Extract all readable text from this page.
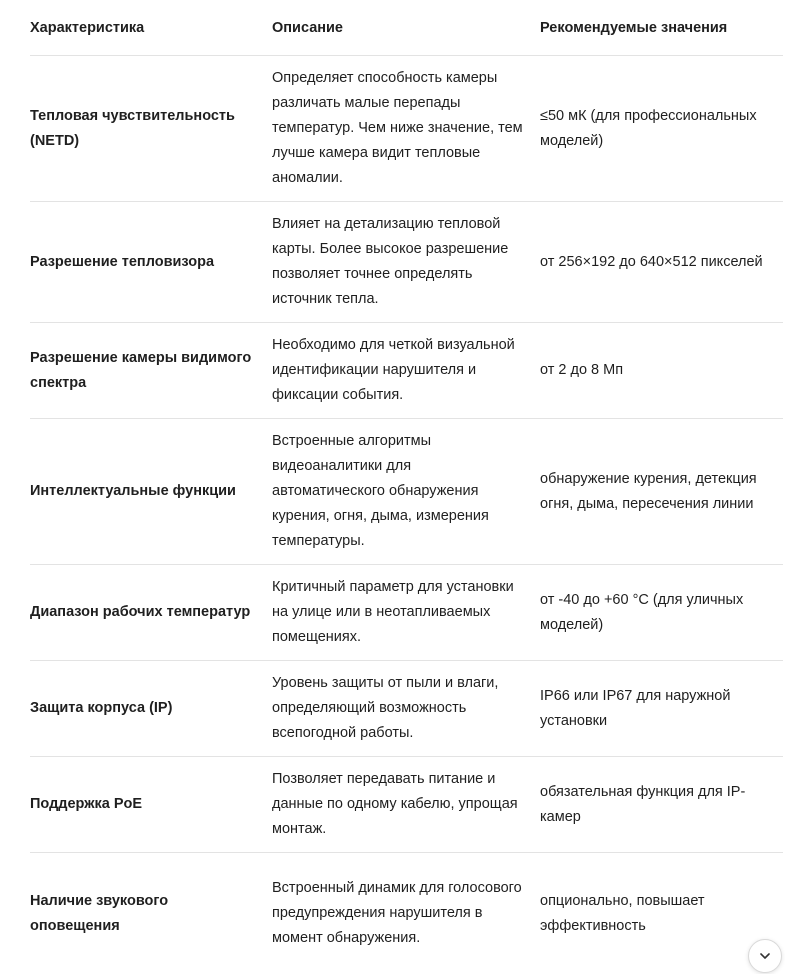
Характеристика	Описание	Рекомендуемые значения
Тепловая чувствительность (NETD)
Определяет способность камеры различать малые перепады температур. Чем ниже значение, тем лучше камера видит тепловые аномалии.
≤50 мК (для профессиональных моделей)
Разрешение тепловизора
Влияет на детализацию тепловой карты. Более высокое разрешение позволяет точнее определять источник тепла.
от 256×192 до 640×512 пикселей
Разрешение камеры видимого спектра
Необходимо для четкой визуальной идентификации нарушителя и фиксации события.
от 2 до 8 Мп
Интеллектуальные функции
Встроенные алгоритмы видеоаналитики для автоматического обнаружения курения, огня, дыма, измерения температуры.
обнаружение курения, детекция огня, дыма, пересечения линии
Диапазон рабочих температур
Критичный параметр для установки на улице или в неотапливаемых помещениях.
от -40 до +60 °C (для уличных моделей)
Защита корпуса (IP)
Уровень защиты от пыли и влаги, определяющий возможность всепогодной работы.
IP66 или IP67 для наружной установки
Поддержка PoE
Позволяет передавать питание и данные по одному кабелю, упрощая монтаж.
обязательная функция для IP-камер
Наличие звукового оповещения
Встроенный динамик для голосового предупреждения нарушителя в момент обнаружения.
опционально, повышает эффективность
